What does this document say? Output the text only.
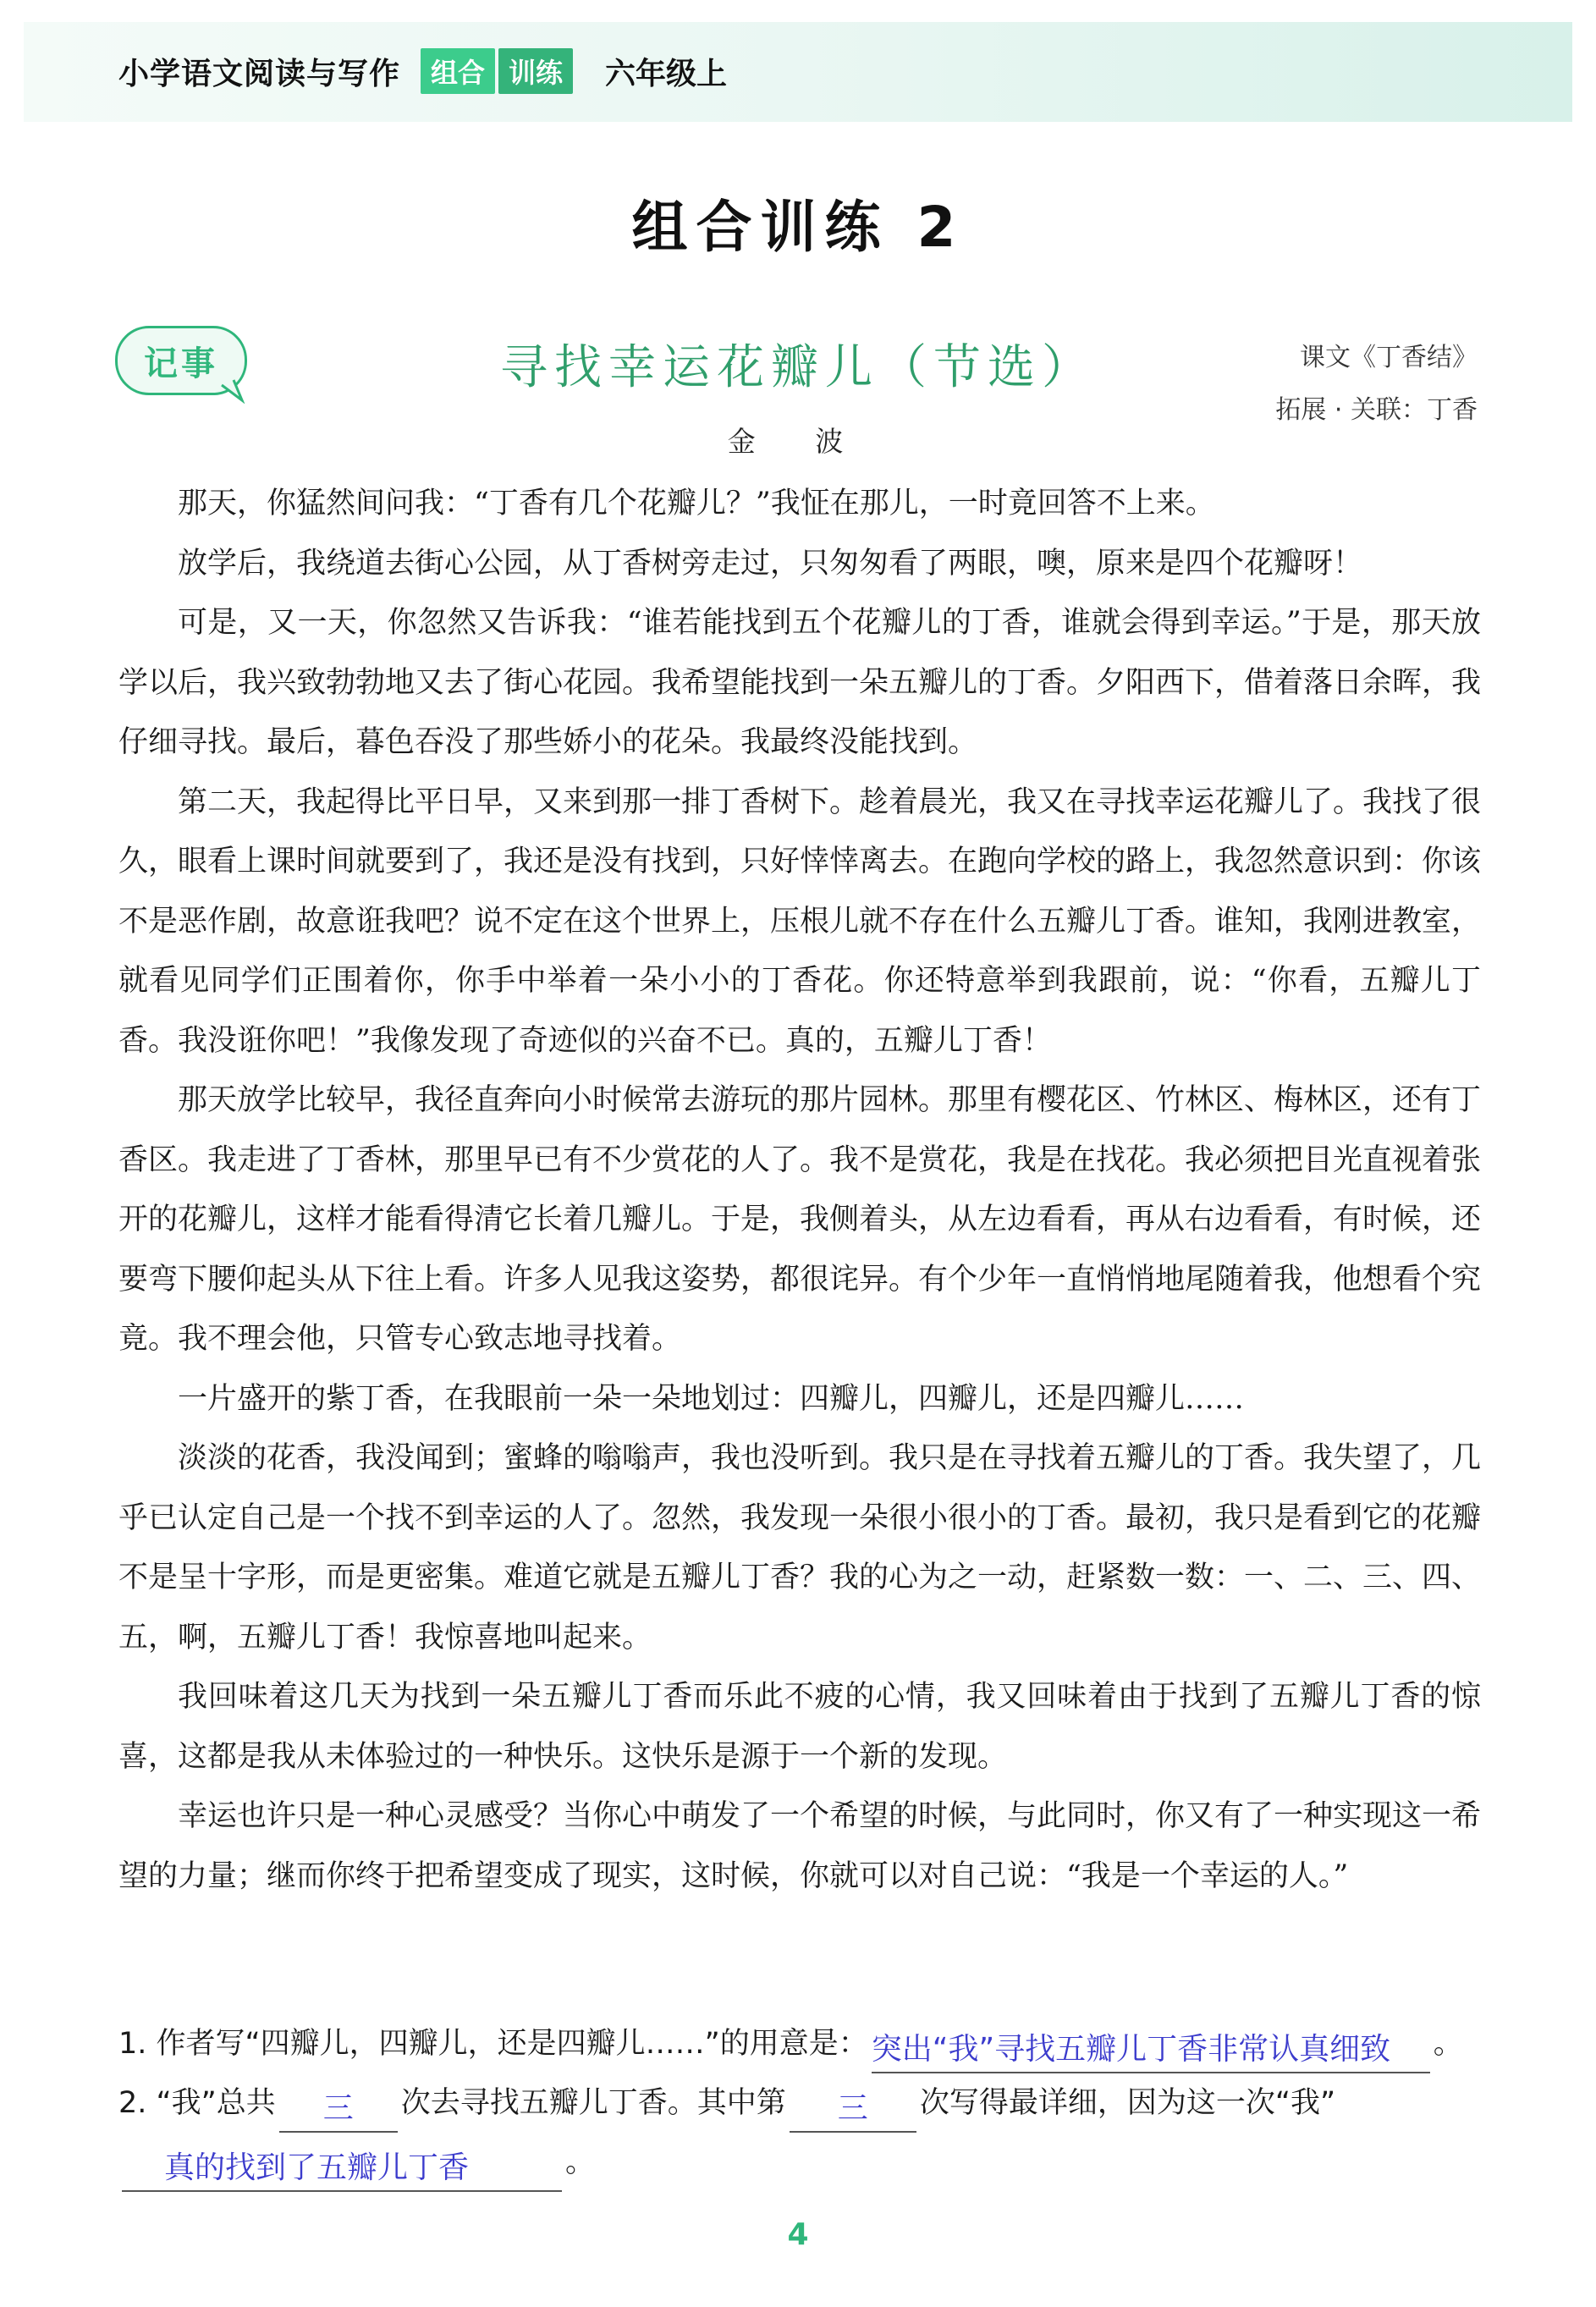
小学语文阅读与写作	组合 训练	六年级上
组合训练 2
记事	寻找幸运花瓣儿（节选）	课文《丁香结》
拓展 · 关联：丁香
金 波

那天，你猛然间问我：“丁香有几个花瓣儿？”我怔在那儿，一时竟回答不上来。

放学后，我绕道去街心公园，从丁香树旁走过，只匆匆看了两眼，噢，原来是四个花瓣呀！

可是，又一天，你忽然又告诉我：“谁若能找到五个花瓣儿的丁香，谁就会得到幸运。”于是，那天放学以后，我兴致勃勃地又去了街心花园。我希望能找到一朵五瓣儿的丁香。夕阳西下，借着落日余晖，我仔细寻找。最后，暮色吞没了那些娇小的花朵。我最终没能找到。

第二天，我起得比平日早，又来到那一排丁香树下。趁着晨光，我又在寻找幸运花瓣儿了。我找了很久，眼看上课时间就要到了，我还是没有找到，只好悻悻离去。在跑向学校的路上，我忽然意识到：你该不是恶作剧，故意诳我吧？说不定在这个世界上，压根儿就不存在什么五瓣儿丁香。谁知，我刚进教室，就看见同学们正围着你，你手中举着一朵小小的丁香花。你还特意举到我跟前，说：“你看，五瓣儿丁香。我没诳你吧！”我像发现了奇迹似的兴奋不已。真的，五瓣儿丁香！

那天放学比较早，我径直奔向小时候常去游玩的那片园林。那里有樱花区、竹林区、梅林区，还有丁香区。我走进了丁香林，那里早已有不少赏花的人了。我不是赏花，我是在找花。我必须把目光直视着张开的花瓣儿，这样才能看得清它长着几瓣儿。于是，我侧着头，从左边看看，再从右边看看，有时候，还要弯下腰仰起头从下往上看。许多人见我这姿势，都很诧异。有个少年一直悄悄地尾随着我，他想看个究竟。我不理会他，只管专心致志地寻找着。

一片盛开的紫丁香，在我眼前一朵一朵地划过：四瓣儿，四瓣儿，还是四瓣儿……

淡淡的花香，我没闻到；蜜蜂的嗡嗡声，我也没听到。我只是在寻找着五瓣儿的丁香。我失望了，几乎已认定自己是一个找不到幸运的人了。忽然，我发现一朵很小很小的丁香。最初，我只是看到它的花瓣不是呈十字形，而是更密集。难道它就是五瓣儿丁香？我的心为之一动，赶紧数一数：一、二、三、四、五，啊，五瓣儿丁香！我惊喜地叫起来。

我回味着这几天为找到一朵五瓣儿丁香而乐此不疲的心情，我又回味着由于找到了五瓣儿丁香的惊喜，这都是我从未体验过的一种快乐。这快乐是源于一个新的发现。

幸运也许只是一种心灵感受？当你心中萌发了一个希望的时候，与此同时，你又有了一种实现这一希望的力量；继而你终于把希望变成了现实，这时候，你就可以对自己说：“我是一个幸运的人。”

1. 作者写“四瓣儿，四瓣儿，还是四瓣儿……”的用意是： 突出“我”寻找五瓣儿丁香非常认真细致 。
2. “我”总共	三	次去寻找五瓣儿丁香。其中第	三	次写得最详细，因为这一次“我”
真的找到了五瓣儿丁香	。
4
